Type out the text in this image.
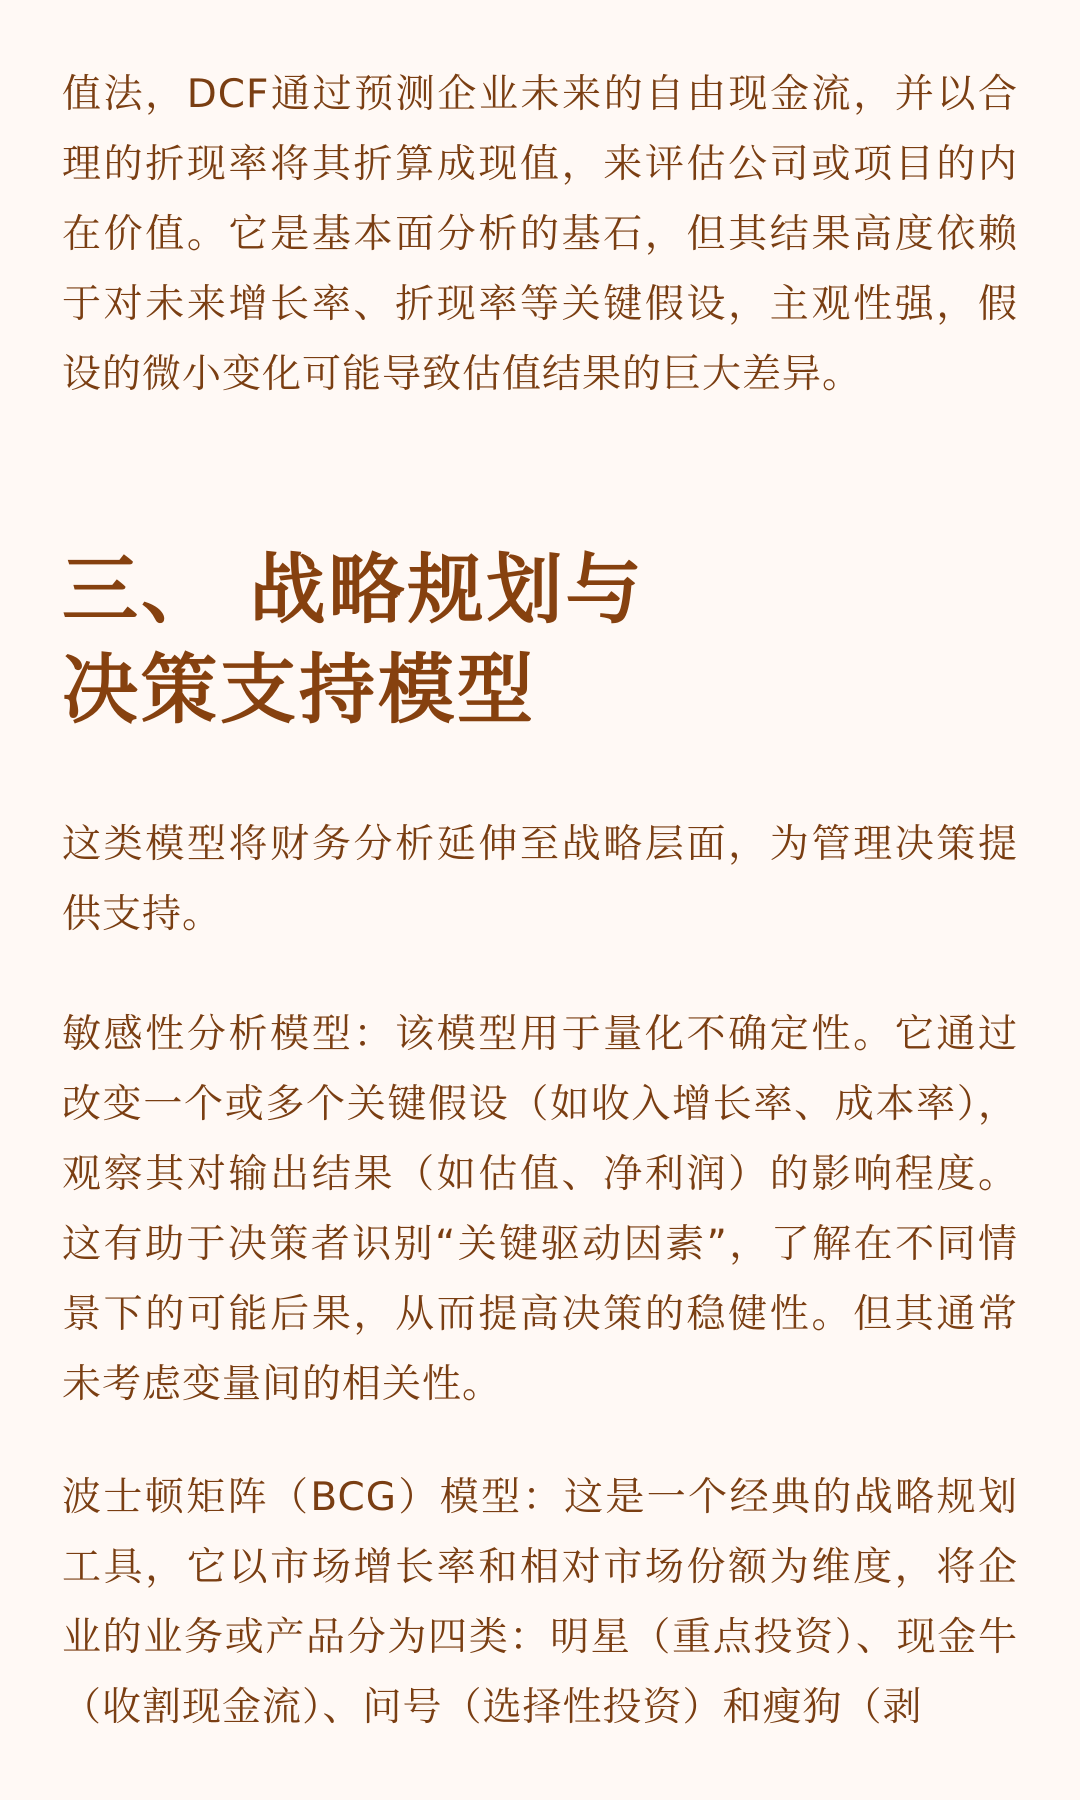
值法，DCF通过预测企业未来的自由现金流，并以合理的折现率将其折算成现值，来评估公司或项目的内在价值。它是基本面分析的基石，但其结果高度依赖于对未来增长率、折现率等关键假设，主观性强，假设的微小变化可能导致估值结果的巨大差异。

三、 战略规划与
决策支持模型

这类模型将财务分析延伸至战略层面，为管理决策提供支持。

敏感性分析模型：该模型用于量化不确定性。它通过改变一个或多个关键假设（如收入增长率、成本率），观察其对输出结果（如估值、净利润）的影响程度。这有助于决策者识别“关键驱动因素”，了解在不同情景下的可能后果，从而提高决策的稳健性。但其通常未考虑变量间的相关性。

波士顿矩阵（BCG）模型：这是一个经典的战略规划工具，它以市场增长率和相对市场份额为维度，将企业的业务或产品分为四类：明星（重点投资）、现金牛（收割现金流）、问号（选择性投资）和瘦狗（剥
